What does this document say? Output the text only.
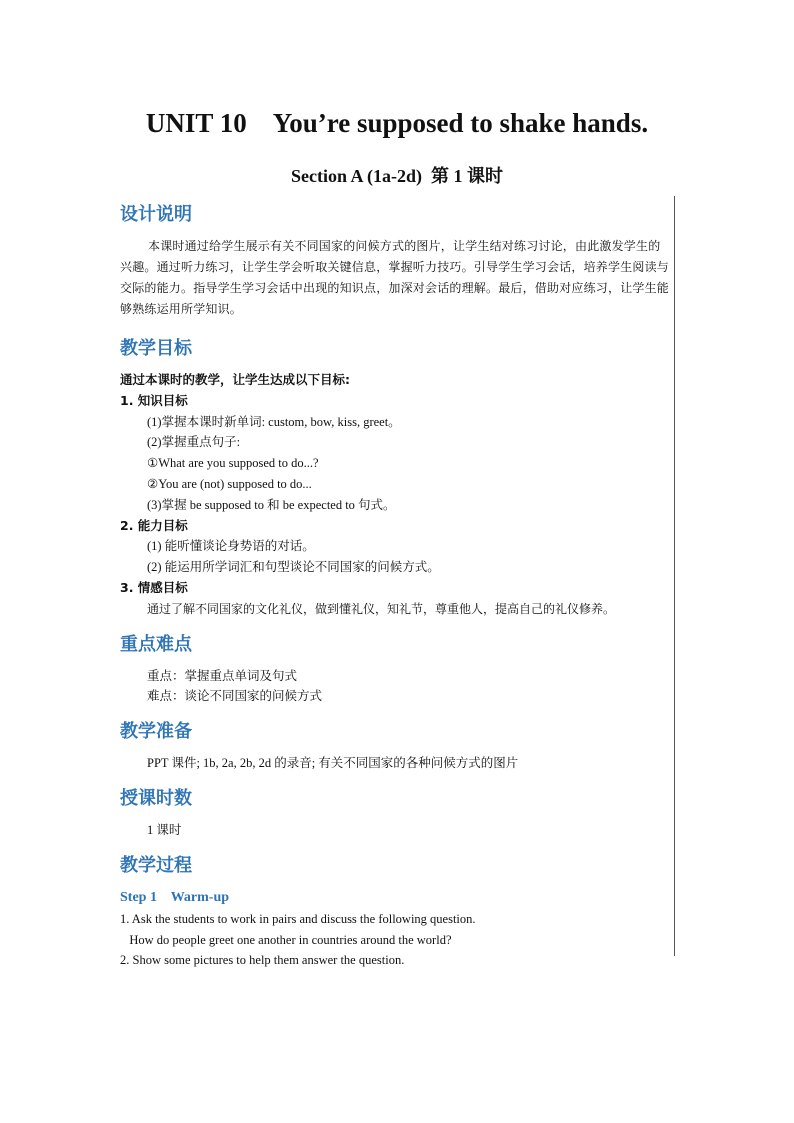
UNIT 10    You’re supposed to shake hands.
Section A (1a-2d)  第 1 课时
设计说明

本课时通过给学生展示有关不同国家的问候方式的图片，让学生结对练习讨论，由此激发学生的兴趣。通过听力练习，让学生学会听取关键信息，掌握听力技巧。引导学生学习会话，培养学生阅读与交际的能力。指导学生学习会话中出现的知识点，加深对会话的理解。最后，借助对应练习，让学生能够熟练运用所学知识。

教学目标

通过本课时的教学，让学生达成以下目标:

1. 知识目标

(1)掌握本课时新单词: custom, bow, kiss, greet。

(2)掌握重点句子:

①What are you supposed to do...?

②You are (not) supposed to do...

(3)掌握 be supposed to 和 be expected to 句式。

2. 能力目标

(1) 能听懂谈论身势语的对话。

(2) 能运用所学词汇和句型谈论不同国家的问候方式。

3. 情感目标

通过了解不同国家的文化礼仪，做到懂礼仪，知礼节，尊重他人，提高自己的礼仪修养。

重点难点

重点：掌握重点单词及句式

难点：谈论不同国家的问候方式

教学准备

PPT 课件; 1b, 2a, 2b, 2d 的录音; 有关不同国家的各种问候方式的图片

授课时数

1 课时

教学过程
Step 1    Warm-up

1. Ask the students to work in pairs and discuss the following question.

How do people greet one another in countries around the world?

2. Show some pictures to help them answer the question.
